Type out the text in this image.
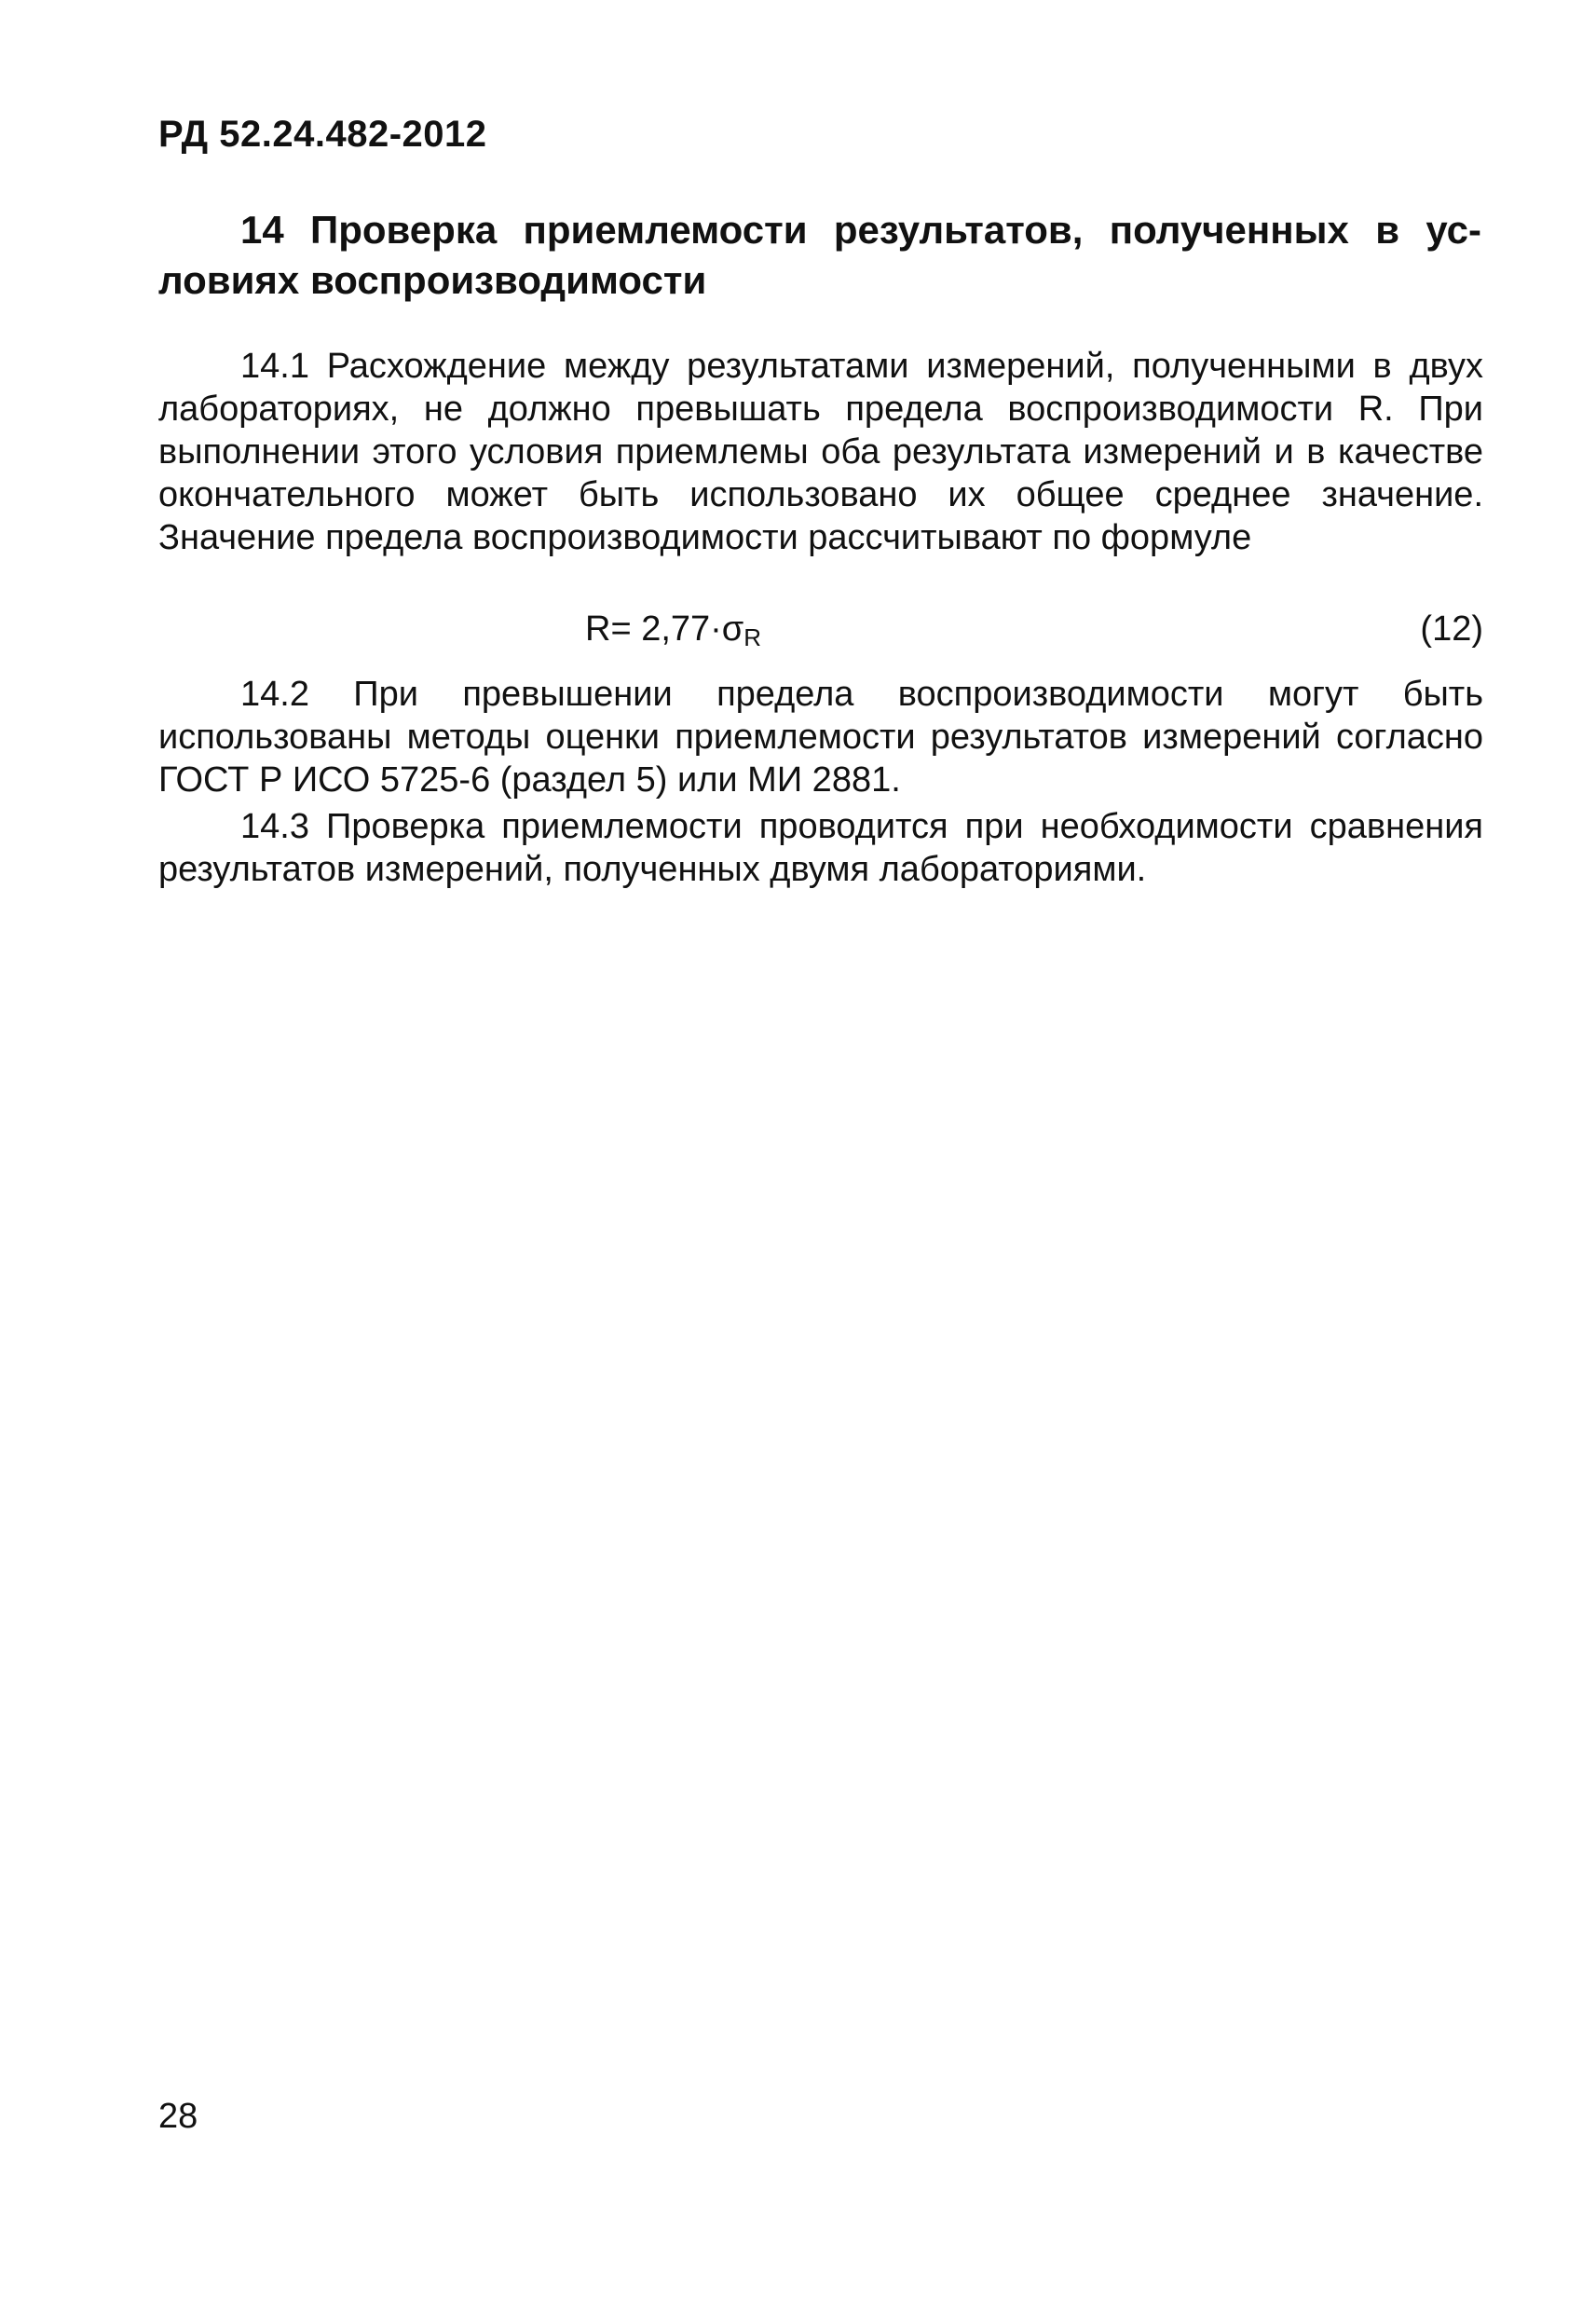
РД 52.24.482-2012
14 Проверка приемлемости результатов, полученных в ус-
ловиях воспроизводимости

14.1 Расхождение между результатами измерений, полученными в двух лабораториях, не должно превышать предела воспроизводимости R. При выполнении этого условия приемлемы оба результата измерений и в качестве окончательного может быть использовано их общее среднее значение. Значение предела воспроизводимости рассчитывают по формуле

$R= 2,77\cdot\sigma_R$	(12)

14.2 При превышении предела воспроизводимости могут быть использованы методы оценки приемлемости результатов измерений согласно ГОСТ Р ИСО 5725-6 (раздел 5) или МИ 2881.

14.3 Проверка приемлемости проводится при необходимости сравнения результатов измерений, полученных двумя лабораториями.

28
